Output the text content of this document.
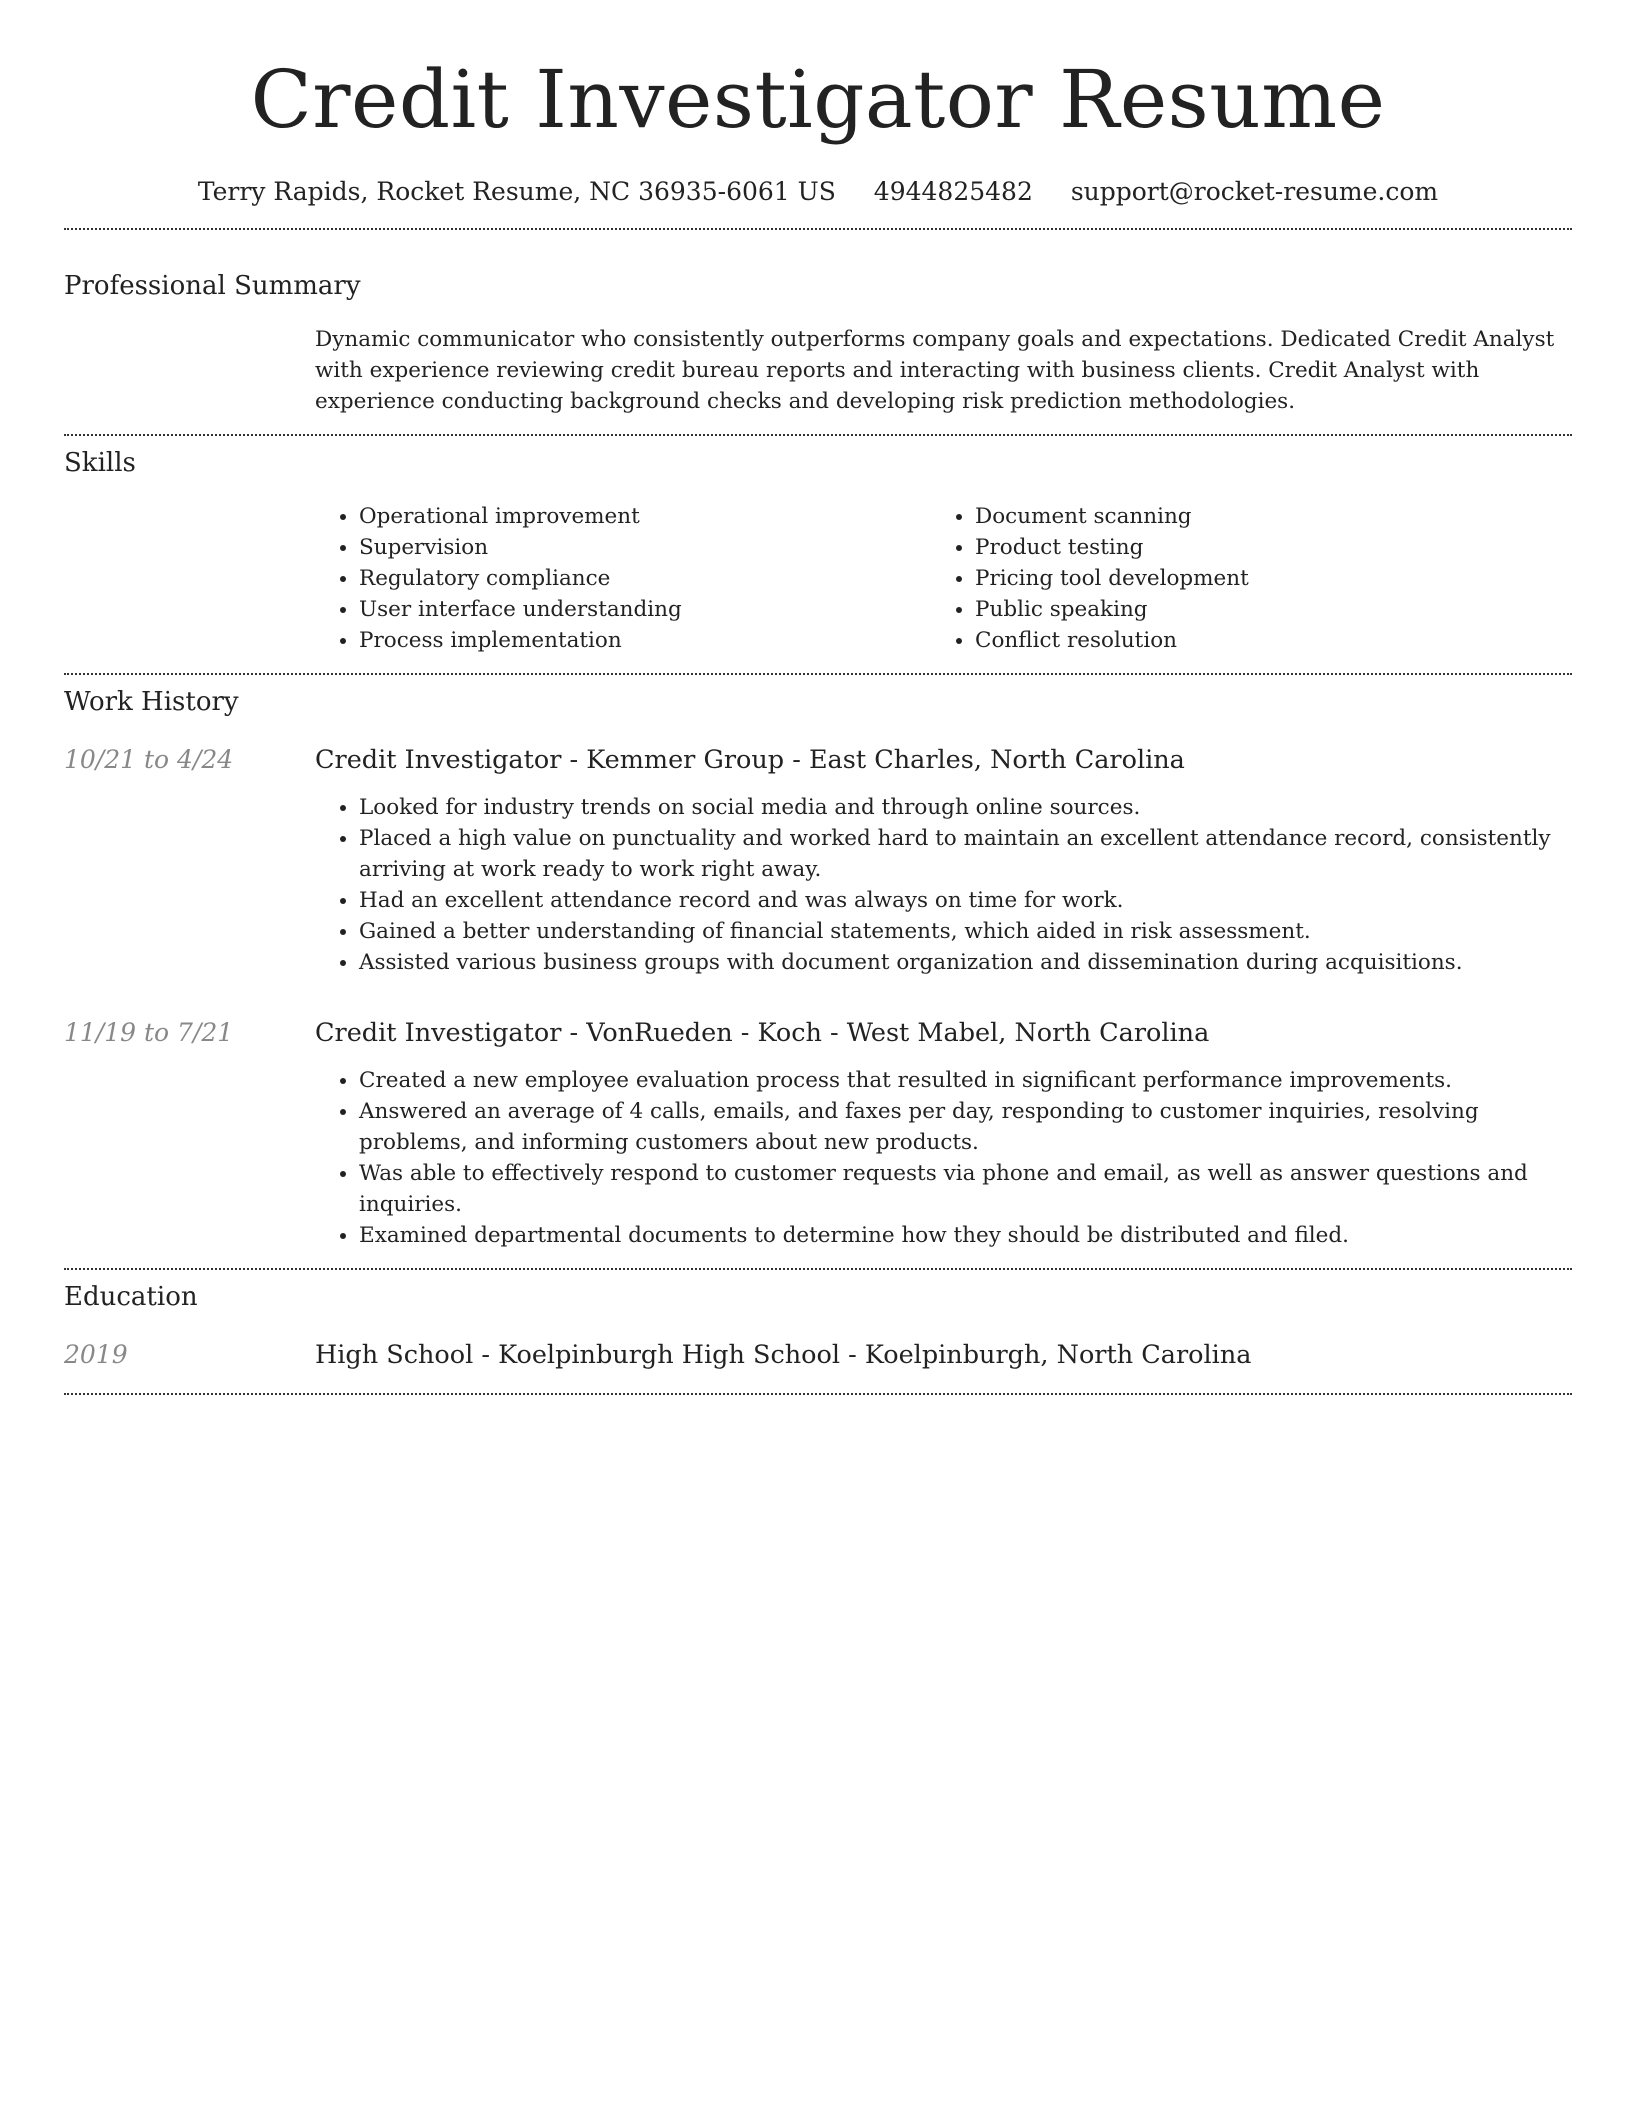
Credit Investigator Resume
Terry Rapids, Rocket Resume, NC 36935-6061 US 4944825482 support@rocket-resume.com
Professional Summary
Dynamic communicator who consistently outperforms company goals and expectations. Dedicated Credit Analyst with experience reviewing credit bureau reports and interacting with business clients. Credit Analyst with experience conducting background checks and developing risk prediction methodologies.
Skills
• Operational improvement
• Supervision
• Regulatory compliance
• User interface understanding
• Process implementation
• Document scanning
• Product testing
• Pricing tool development
• Public speaking
• Conflict resolution
Work History
10/21 to 4/24	Credit Investigator - Kemmer Group - East Charles, North Carolina
• Looked for industry trends on social media and through online sources.
• Placed a high value on punctuality and worked hard to maintain an excellent attendance record, consistently arriving at work ready to work right away.
• Had an excellent attendance record and was always on time for work.
• Gained a better understanding of financial statements, which aided in risk assessment.
• Assisted various business groups with document organization and dissemination during acquisitions.
11/19 to 7/21	Credit Investigator - VonRueden - Koch - West Mabel, North Carolina
• Created a new employee evaluation process that resulted in significant performance improvements.
• Answered an average of 4 calls, emails, and faxes per day, responding to customer inquiries, resolving problems, and informing customers about new products.
• Was able to effectively respond to customer requests via phone and email, as well as answer questions and inquiries.
• Examined departmental documents to determine how they should be distributed and filed.
Education
2019	High School - Koelpinburgh High School - Koelpinburgh, North Carolina
